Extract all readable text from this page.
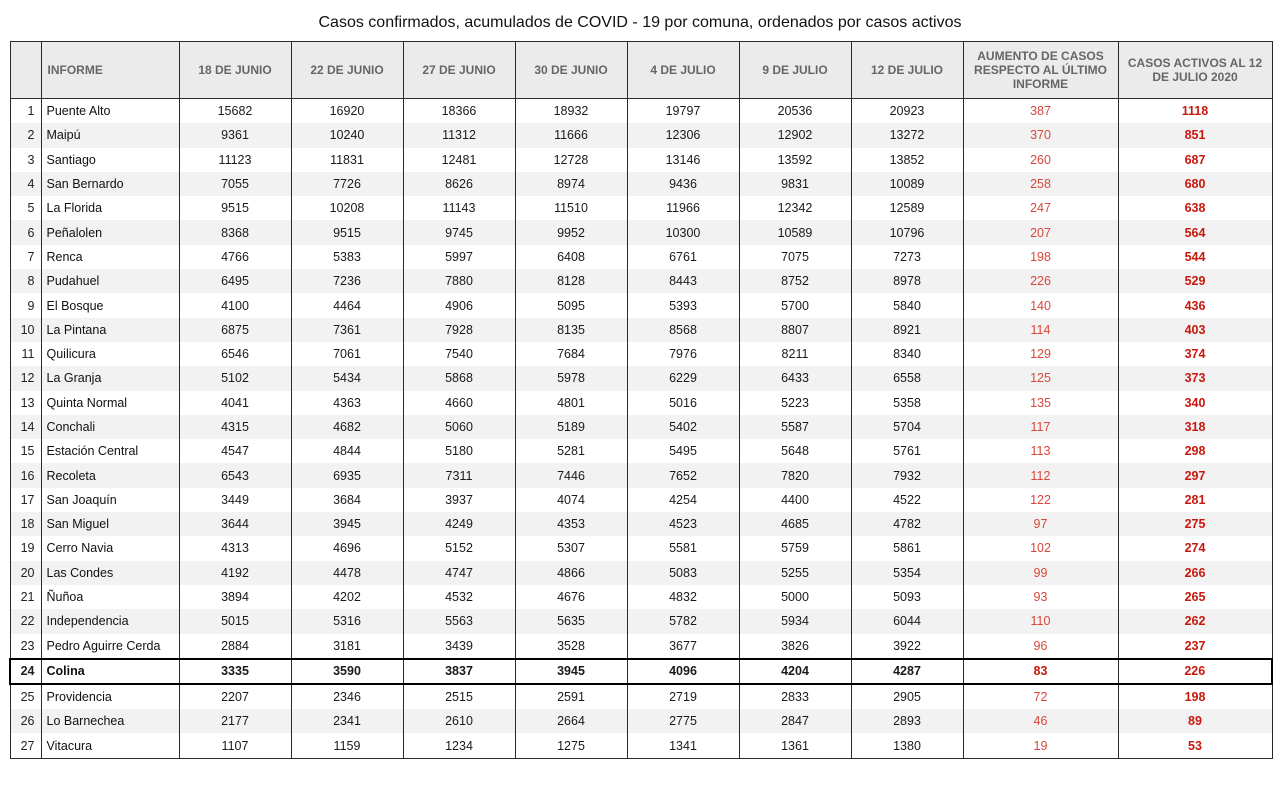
Casos confirmados, acumulados de COVID - 19 por comuna, ordenados por casos activos
	INFORME	18 DE JUNIO	22 DE JUNIO	27 DE JUNIO	30 DE JUNIO	4 DE JULIO	9 DE JULIO	12 DE JULIO	AUMENTO DE CASOS RESPECTO AL ÚLTIMO INFORME	CASOS ACTIVOS AL 12 DE JULIO 2020
1	Puente Alto	15682	16920	18366	18932	19797	20536	20923	387	1118
2	Maipú	9361	10240	11312	11666	12306	12902	13272	370	851
3	Santiago	11123	11831	12481	12728	13146	13592	13852	260	687
4	San Bernardo	7055	7726	8626	8974	9436	9831	10089	258	680
5	La Florida	9515	10208	11143	11510	11966	12342	12589	247	638
6	Peñalolen	8368	9515	9745	9952	10300	10589	10796	207	564
7	Renca	4766	5383	5997	6408	6761	7075	7273	198	544
8	Pudahuel	6495	7236	7880	8128	8443	8752	8978	226	529
9	El Bosque	4100	4464	4906	5095	5393	5700	5840	140	436
10	La Pintana	6875	7361	7928	8135	8568	8807	8921	114	403
11	Quilicura	6546	7061	7540	7684	7976	8211	8340	129	374
12	La Granja	5102	5434	5868	5978	6229	6433	6558	125	373
13	Quinta Normal	4041	4363	4660	4801	5016	5223	5358	135	340
14	Conchali	4315	4682	5060	5189	5402	5587	5704	117	318
15	Estación Central	4547	4844	5180	5281	5495	5648	5761	113	298
16	Recoleta	6543	6935	7311	7446	7652	7820	7932	112	297
17	San Joaquín	3449	3684	3937	4074	4254	4400	4522	122	281
18	San Miguel	3644	3945	4249	4353	4523	4685	4782	97	275
19	Cerro Navia	4313	4696	5152	5307	5581	5759	5861	102	274
20	Las Condes	4192	4478	4747	4866	5083	5255	5354	99	266
21	Ñuñoa	3894	4202	4532	4676	4832	5000	5093	93	265
22	Independencia	5015	5316	5563	5635	5782	5934	6044	110	262
23	Pedro Aguirre Cerda	2884	3181	3439	3528	3677	3826	3922	96	237
24	Colina	3335	3590	3837	3945	4096	4204	4287	83	226
25	Providencia	2207	2346	2515	2591	2719	2833	2905	72	198
26	Lo Barnechea	2177	2341	2610	2664	2775	2847	2893	46	89
27	Vitacura	1107	1159	1234	1275	1341	1361	1380	19	53
